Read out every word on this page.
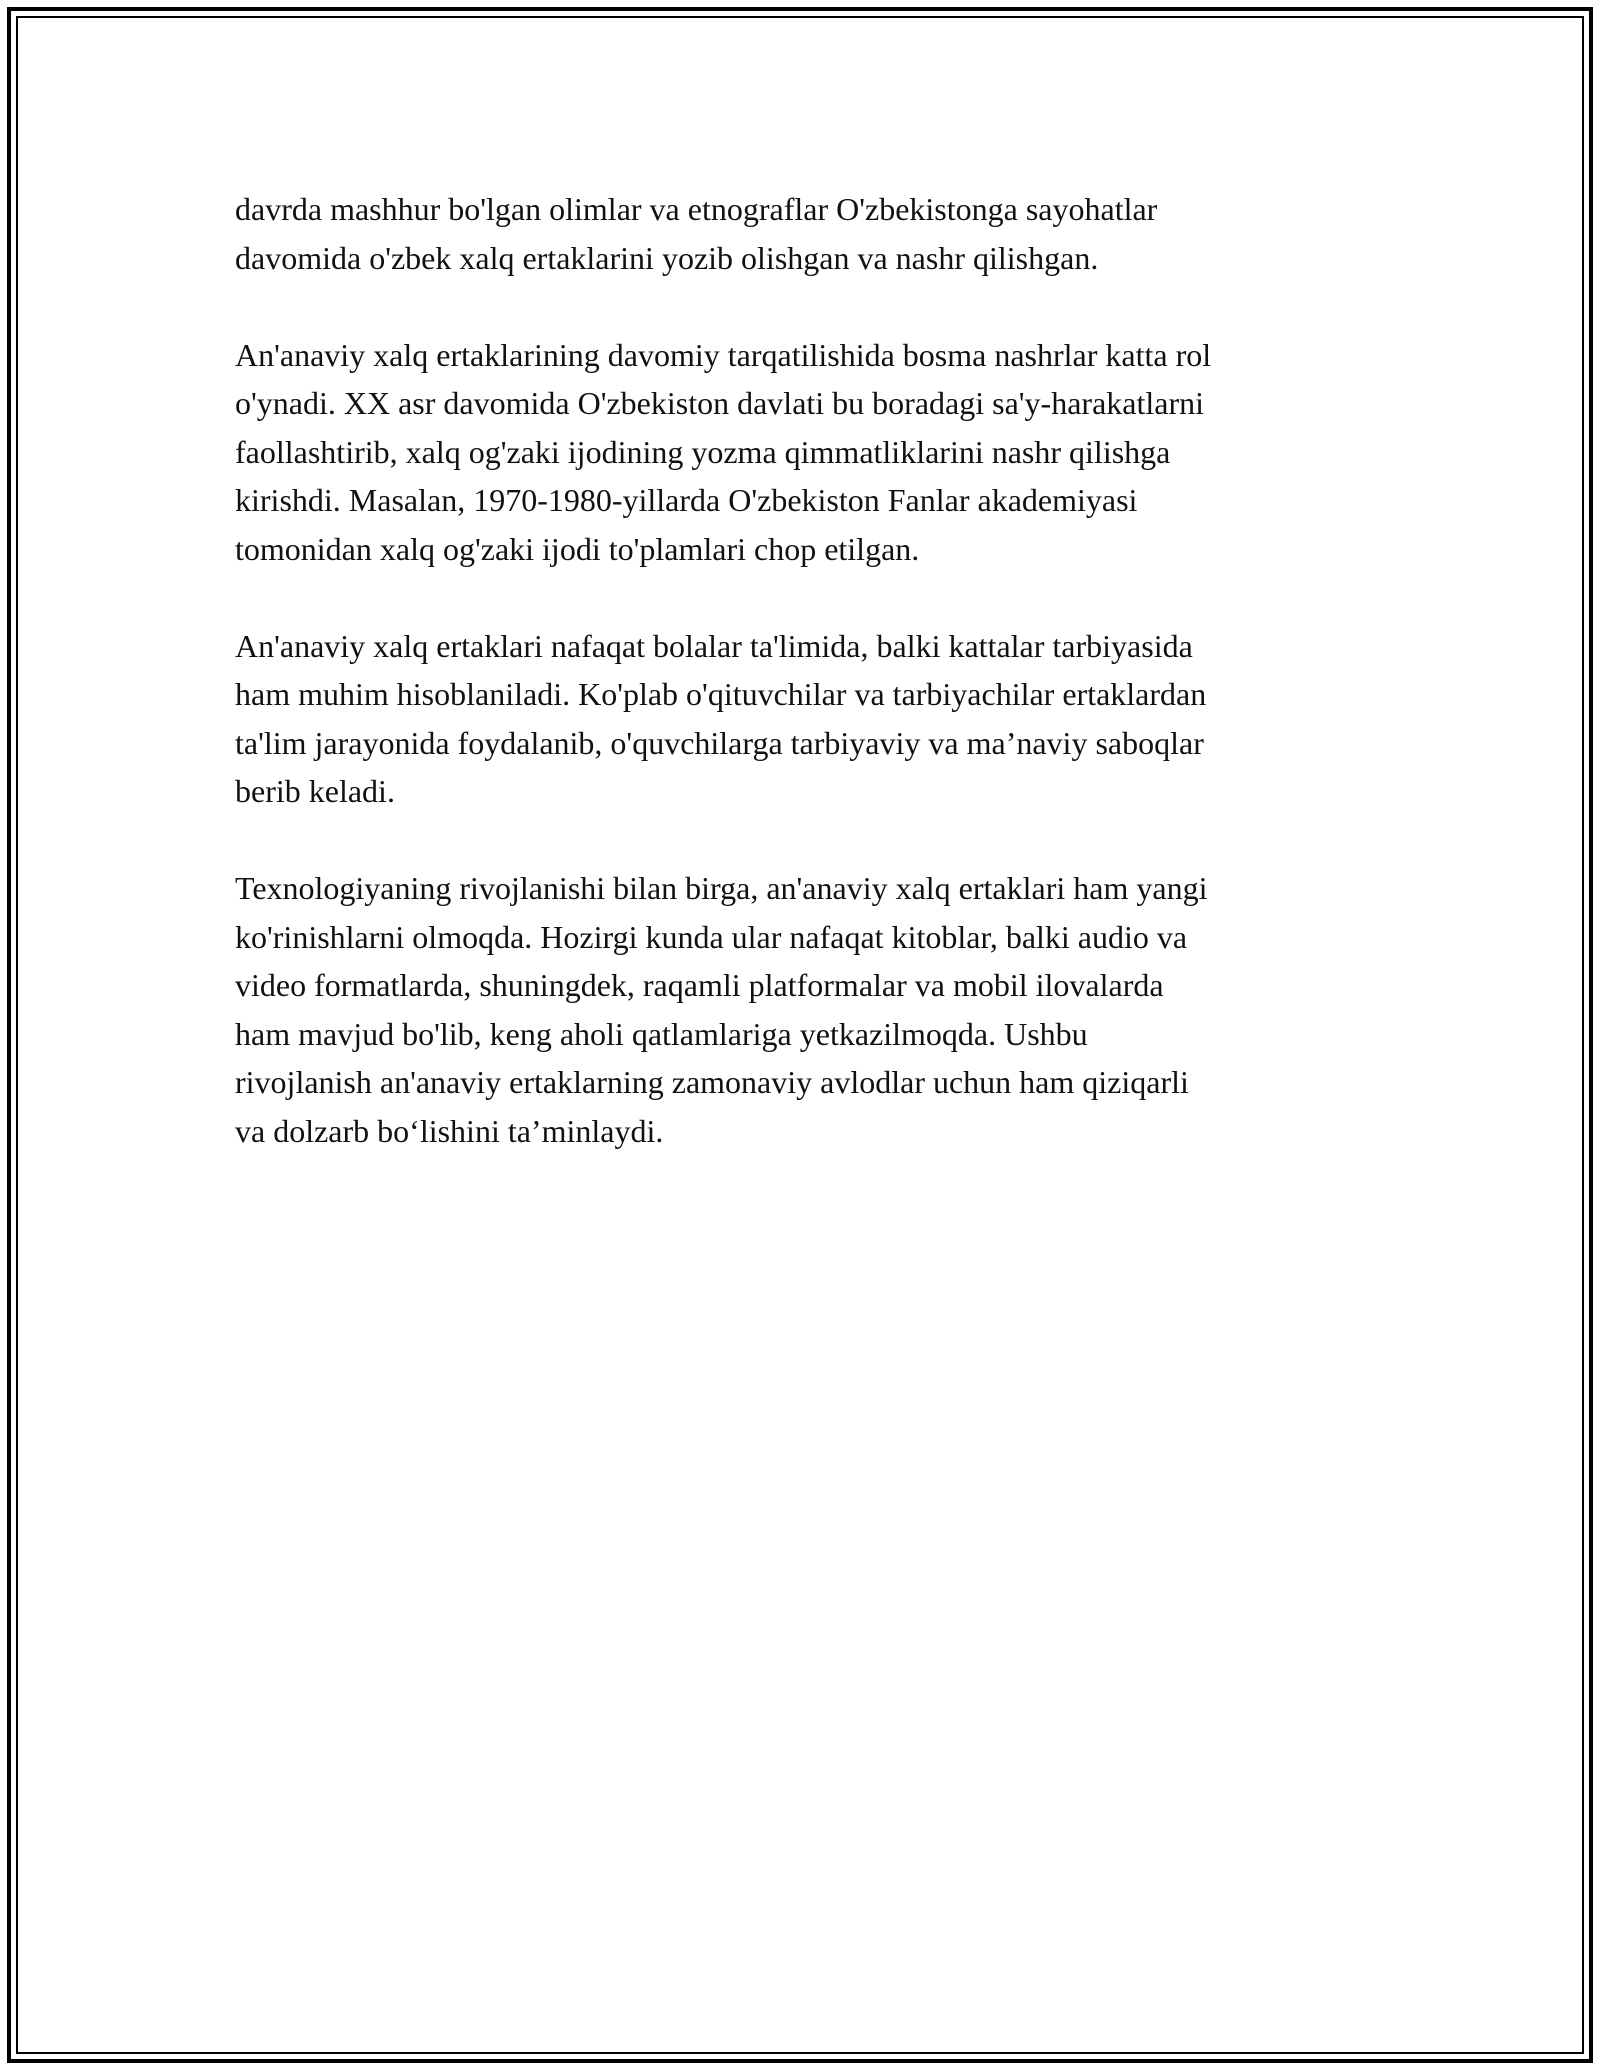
davrda mashhur bo'lgan olimlar va etnograflar O'zbekistonga sayohatlar
davomida o'zbek xalq ertaklarini yozib olishgan va nashr qilishgan.

An'anaviy xalq ertaklarining davomiy tarqatilishida bosma nashrlar katta rol
o'ynadi. XX asr davomida O'zbekiston davlati bu boradagi sa'y-harakatlarni
faollashtirib, xalq og'zaki ijodining yozma qimmatliklarini nashr qilishga
kirishdi. Masalan, 1970-1980-yillarda O'zbekiston Fanlar akademiyasi
tomonidan xalq og'zaki ijodi to'plamlari chop etilgan.

An'anaviy xalq ertaklari nafaqat bolalar ta'limida, balki kattalar tarbiyasida
ham muhim hisoblaniladi. Ko'plab o'qituvchilar va tarbiyachilar ertaklardan
ta'lim jarayonida foydalanib, o'quvchilarga tarbiyaviy va ma’naviy saboqlar
berib keladi.

Texnologiyaning rivojlanishi bilan birga, an'anaviy xalq ertaklari ham yangi
ko'rinishlarni olmoqda. Hozirgi kunda ular nafaqat kitoblar, balki audio va
video formatlarda, shuningdek, raqamli platformalar va mobil ilovalarda
ham mavjud bo'lib, keng aholi qatlamlariga yetkazilmoqda. Ushbu
rivojlanish an'anaviy ertaklarning zamonaviy avlodlar uchun ham qiziqarli
va dolzarb bo‘lishini ta’minlaydi.
